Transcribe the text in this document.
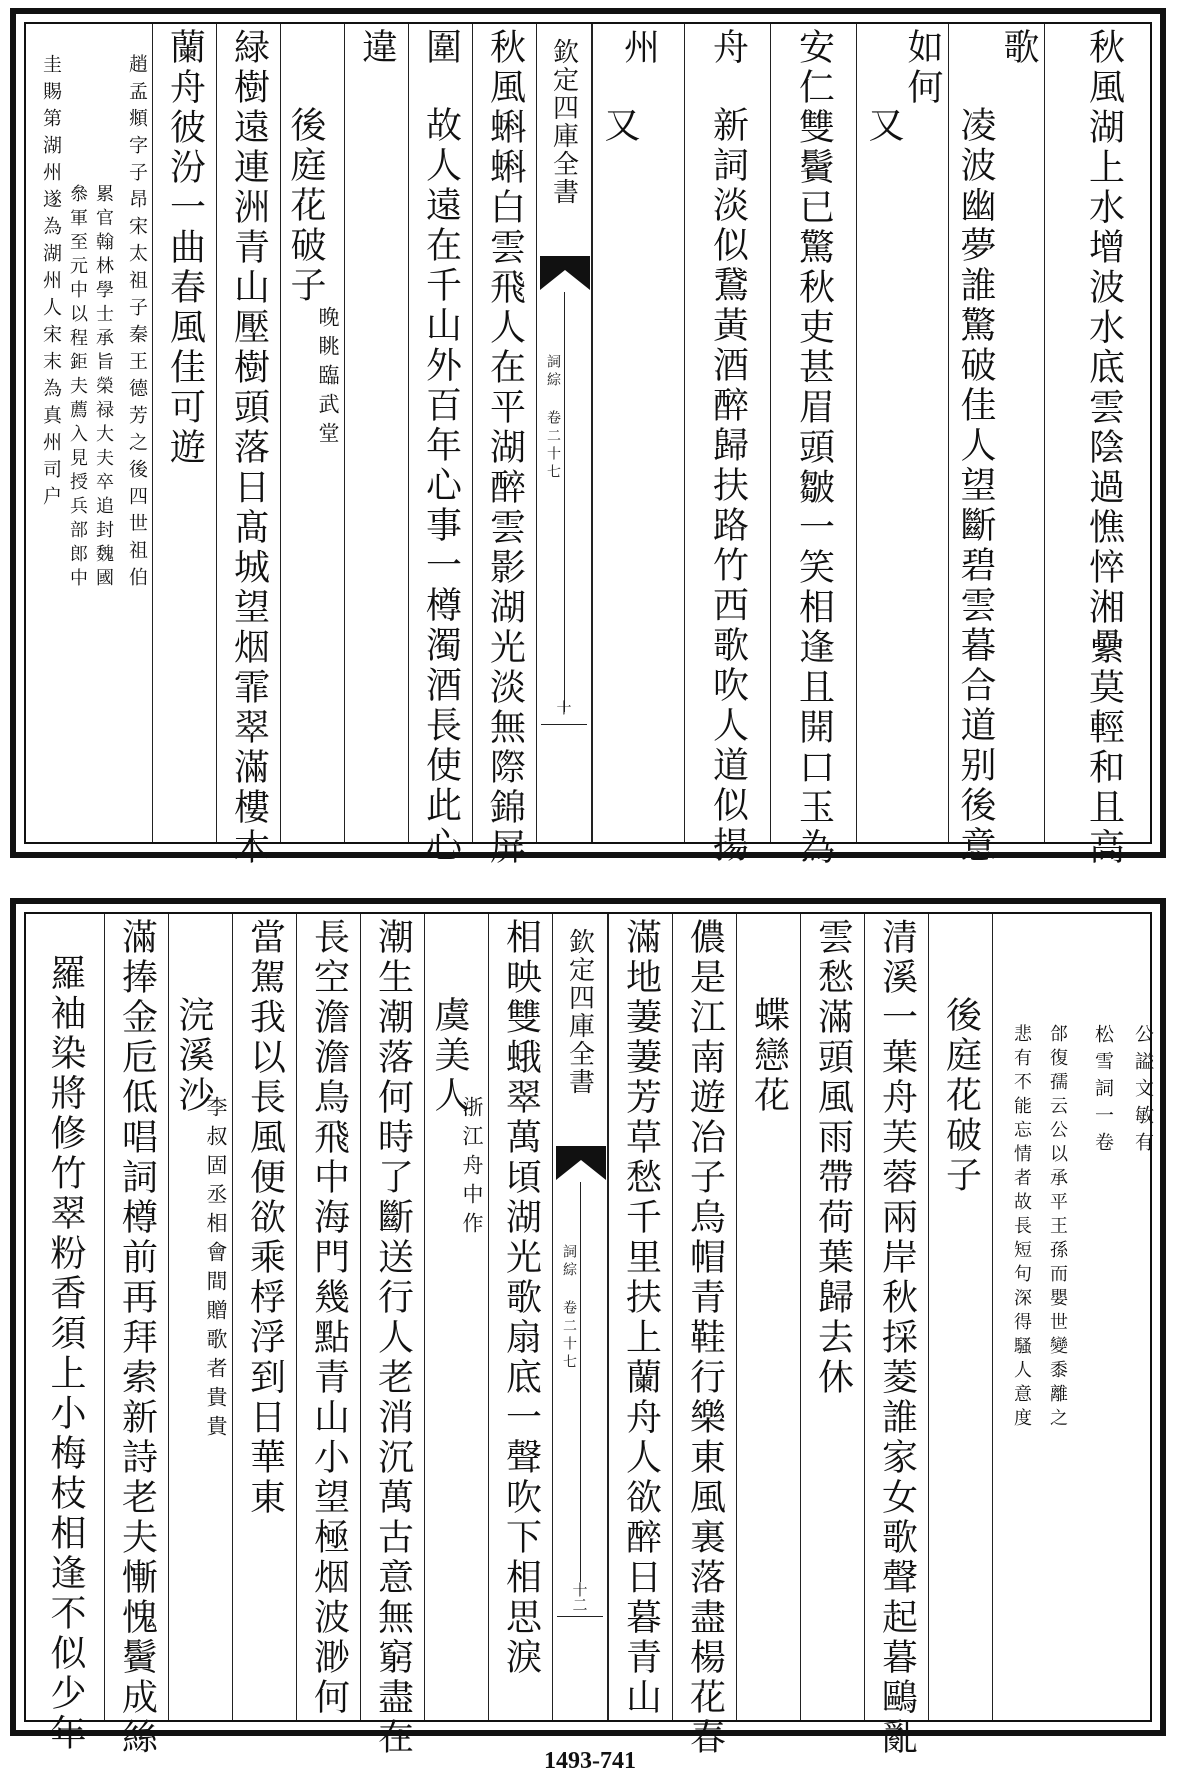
累官翰林學士承旨榮禄大夫卒追封魏國
叅軍至元中以程鉅夫薦入見授兵部郎中 趙孟頫字子昂宋太祖子秦王德芳之後四世祖伯
圭賜第湖州遂為湖州人宋末為真州司户	蘭舟彼汾一曲春風佳可遊 緑樹遠連洲青山壓樹頭落日髙城望烟霏翠滿樓木 後庭花破子
晚眺臨武堂
違 圍
故人遠在千山外百年心事一樽濁酒長使此心 秋風蝌蝌白雲飛人在平湖醉雲影湖光淡無際錦屏 欽定四庫全書
詞綜 卷二十七
十
州
又
舟
新詞淡似鵞黃酒醉歸扶路竹西歌吹人道似揚 安仁雙鬢已驚秋吏甚眉頭皺一笑相逢且開口玉為 如何
又
歌
凌波幽夢誰驚破佳人望斷碧雲暮合道别後意 秋風湖上水增波水底雲陰過憔悴湘纍莫輕和且高
羅袖染將修竹翠粉香須上小梅枝相逢不似少年 滿捧金卮低唱詞樽前再拜索新詩老夫慚愧鬢成絲 浣溪沙
李叔固丞相會間贈歌者貴貴 當駕我以長風便欲乘桴浮到日華東 長空澹澹鳥飛中海門幾點青山小望極烟波渺何 潮生潮落何時了斷送行人老消沉萬古意無窮盡在 虞美人
浙江舟中作 相映雙蛾翠萬頃湖光歌扇底一聲吹下相思淚 欽定四庫全書
詞綜 卷二十七
十二 滿地萋萋芳草愁千里扶上蘭舟人欲醉日暮青山 儂是江南遊冶子烏帽青鞋行樂東風裏落盡楊花春 蝶戀花 雲愁滿頭風雨帶荷葉歸去休 清溪一葉舟芙蓉兩岸秋採菱誰家女歌聲起暮鷗亂 後庭花破子	公謚文敏有
松雪詞一卷
郃復孺云公以承平王孫而嬰世變黍離之
悲有不能忘情者故長短句深得騷人意度
1493-741
